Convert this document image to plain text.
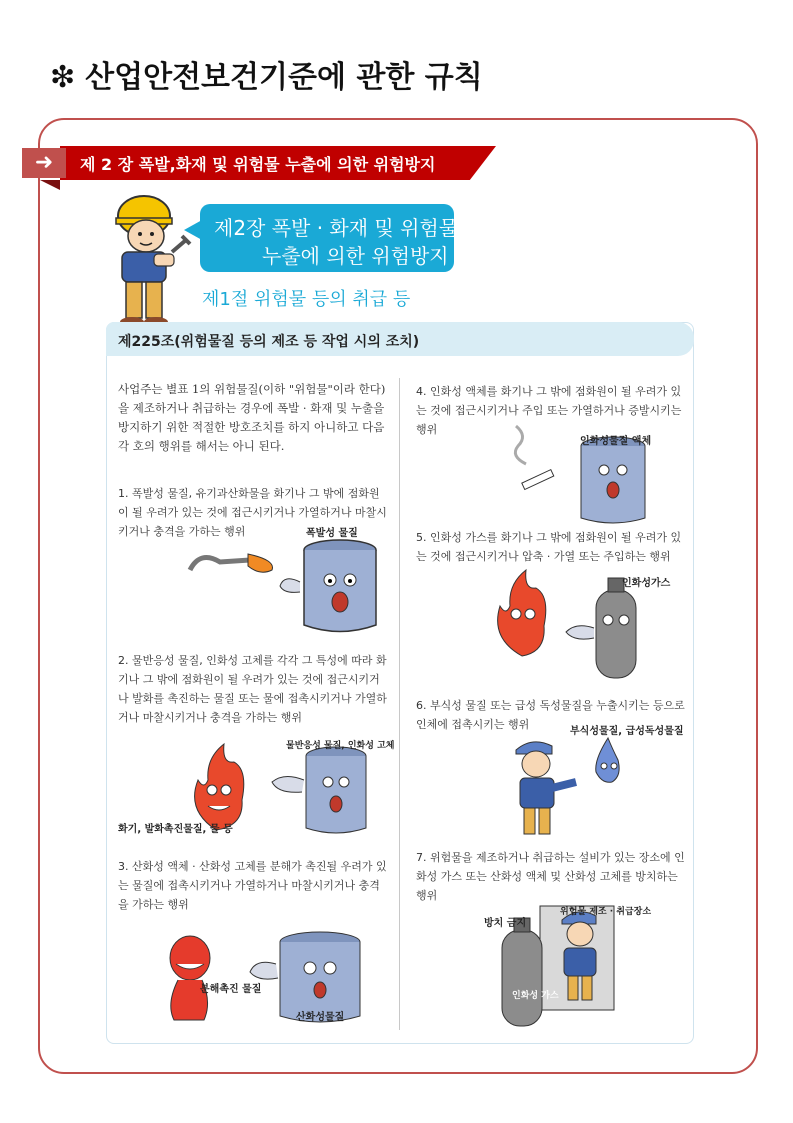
❇ 산업안전보건기준에 관한 규칙
➜	제 2 장 폭발,화재 및 위험물 누출에 의한 위험방지
제2장 폭발 · 화재 및 위험물
누출에 의한 위험방지
제1절 위험물 등의 취급 등
제225조(위험물질 등의 제조 등 작업 시의 조치)
사업주는 별표 1의 위험물질(이하 "위험물"이라 한다)을 제조하거나 취급하는 경우에 폭발 · 화재 및 누출을 방지하기 위한 적절한 방호조치를 하지 아니하고 다음 각 호의 행위를 해서는 아니 된다.
1. 폭발성 물질, 유기과산화물을 화기나 그 밖에 점화원이 될 우려가 있는 것에 접근시키거나 가열하거나 마찰시키거나 충격을 가하는 행위
2. 물반응성 물질, 인화성 고체를 각각 그 특성에 따라 화기나 그 밖에 점화원이 될 우려가 있는 것에 접근시키거나 발화를 촉진하는 물질 또는 물에 접촉시키거나 가열하거나 마찰시키거나 충격을 가하는 행위
3. 산화성 액체 · 산화성 고체를 분해가 촉진될 우려가 있는 물질에 접촉시키거나 가열하거나 마찰시키거나 충격을 가하는 행위
4. 인화성 액체를 화기나 그 밖에 점화원이 될 우려가 있는 것에 접근시키거나 주입 또는 가열하거나 증발시키는 행위
5. 인화성 가스를 화기나 그 밖에 점화원이 될 우려가 있는 것에 접근시키거나 압축 · 가열 또는 주입하는 행위
6. 부식성 물질 또는 급성 독성물질을 누출시키는 등으로 인체에 접촉시키는 행위
7. 위험물을 제조하거나 취급하는 설비가 있는 장소에 인화성 가스 또는 산화성 액체 및 산화성 고체를 방치하는 행위
폭발성 물질
물반응성 물질, 인화성 고체
화기, 발화촉진물질, 물 등
분해촉진 물질
산화성물질
인화성물질 액체
인화성가스
부식성물질, 급성독성물질
방치 금지
위험물 제조 · 취급장소
인화성 가스
